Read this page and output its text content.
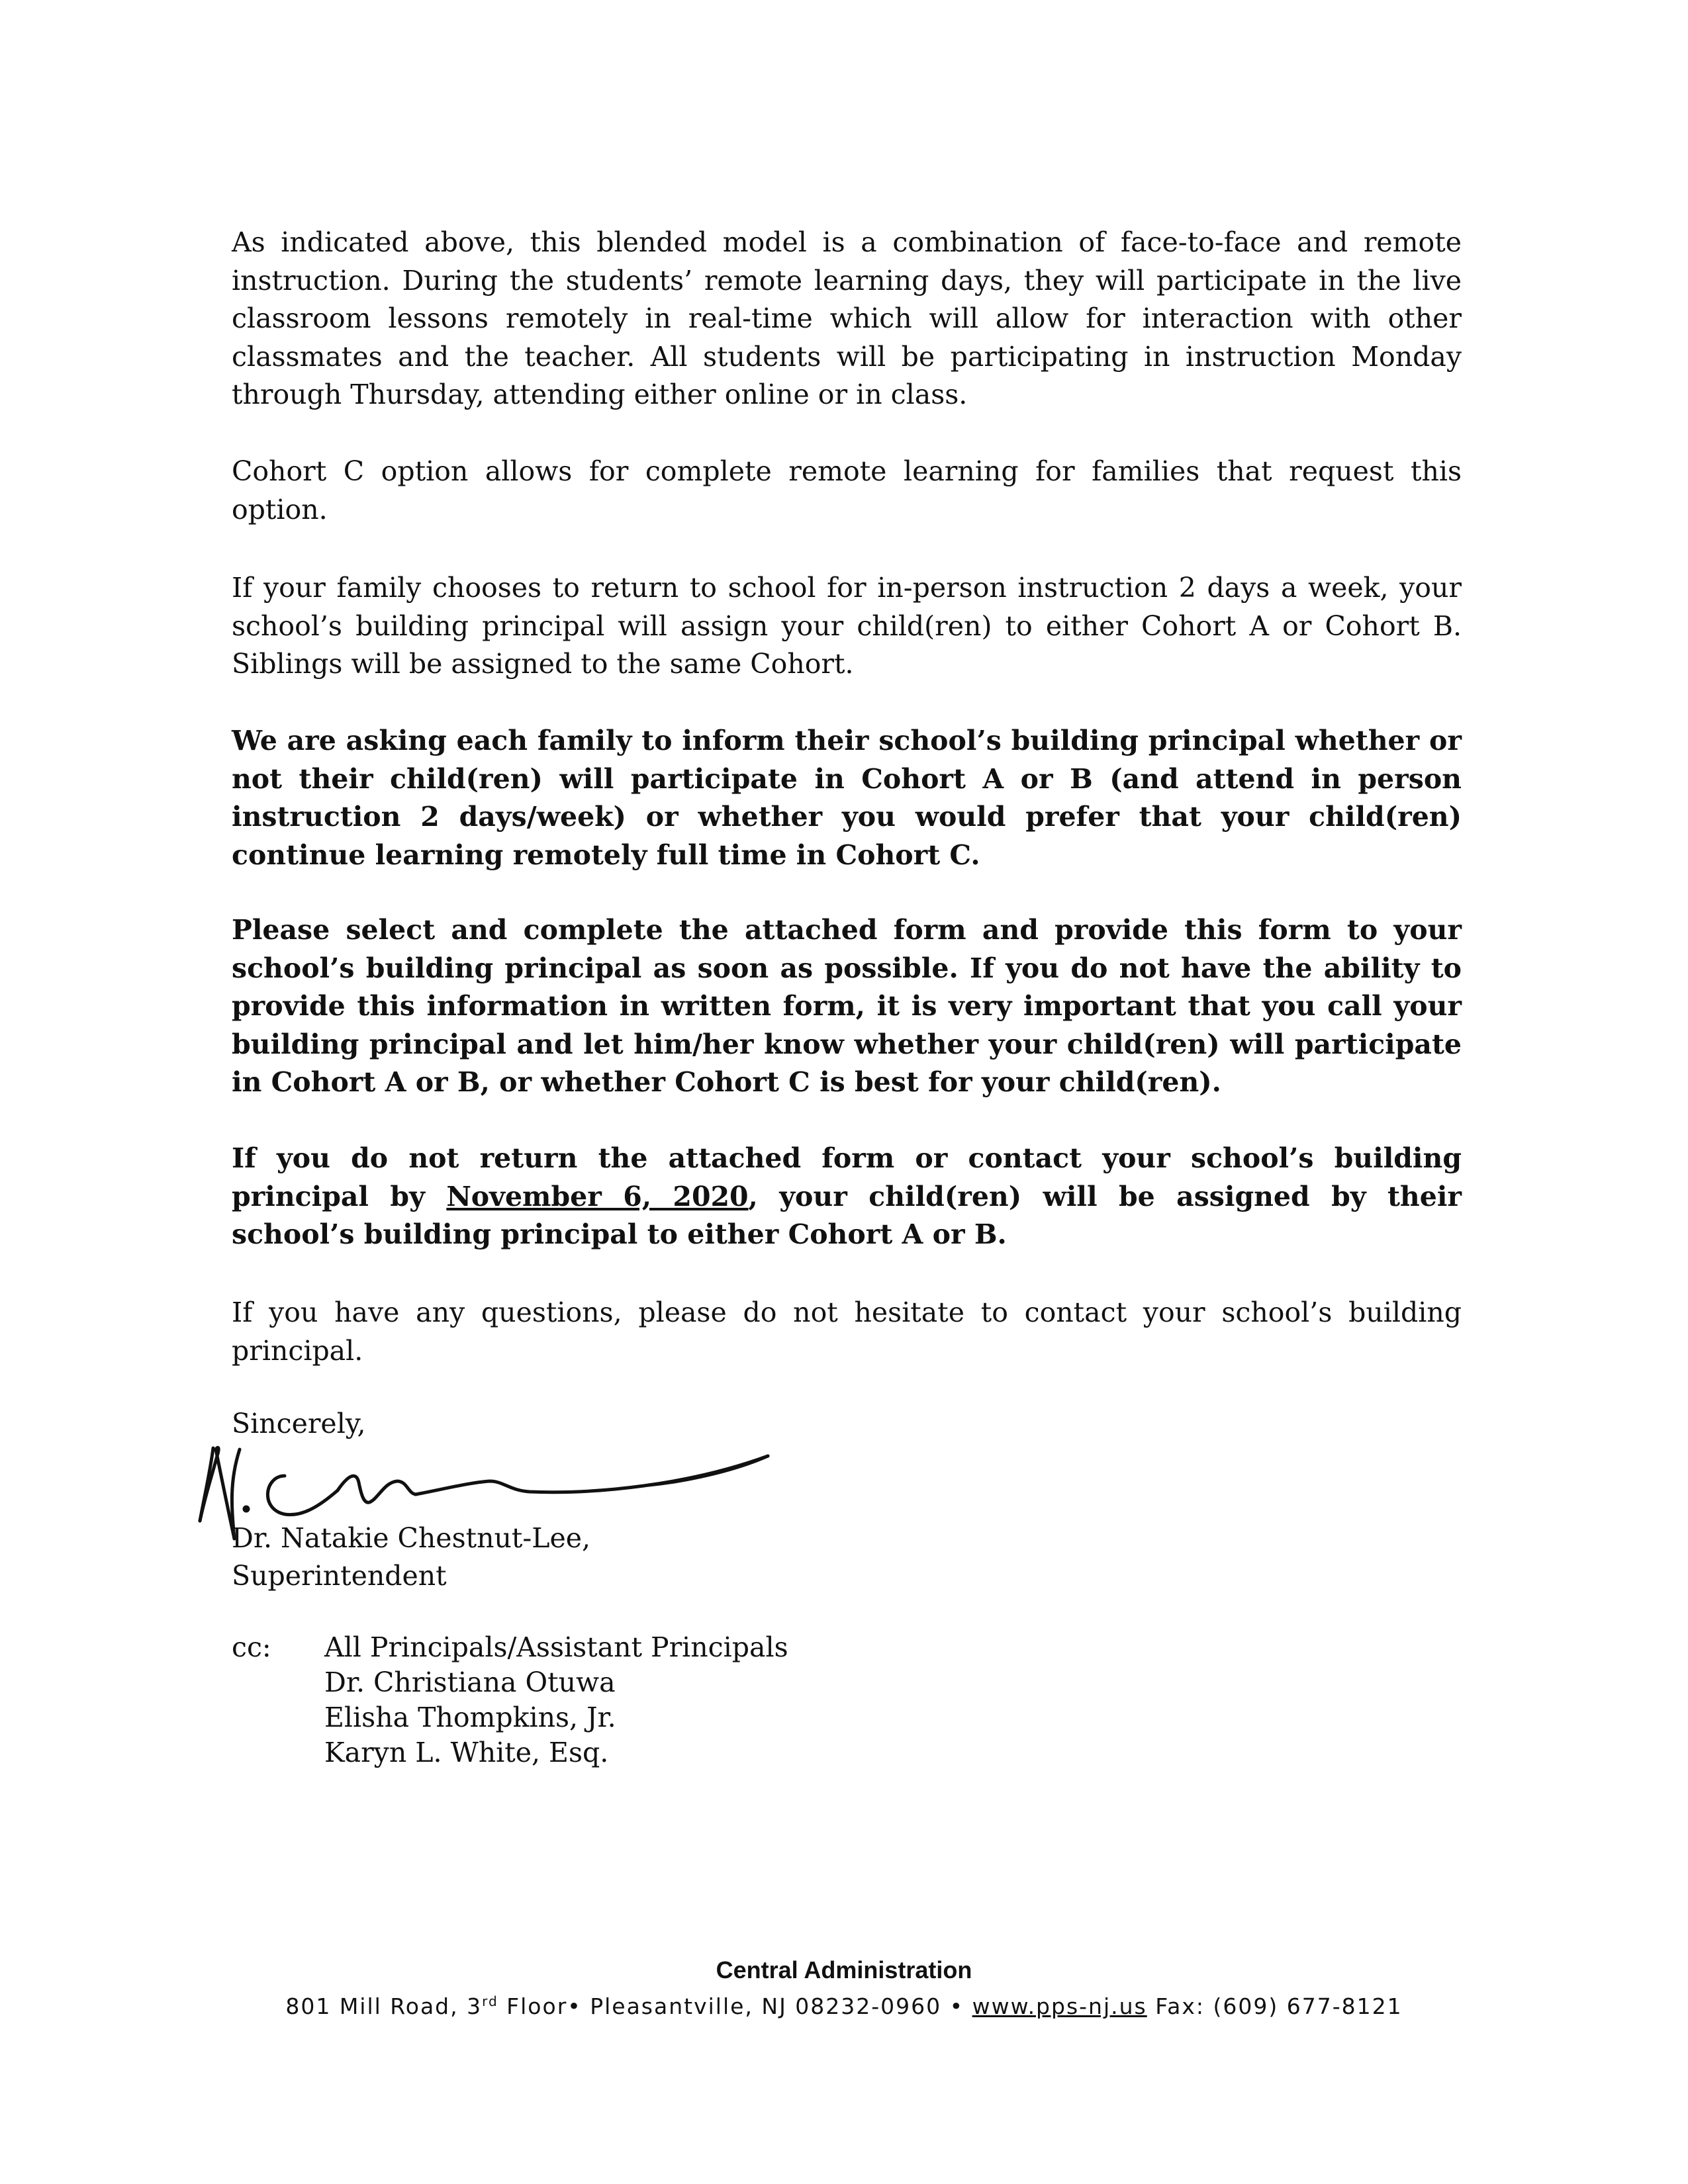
As indicated above, this blended model is a combination of face-to-face and remote instruction. During the students’ remote learning days, they will participate in the live classroom lessons remotely in real-time which will allow for interaction with other classmates and the teacher. All students will be participating in instruction Monday through Thursday, attending either online or in class.

Cohort C option allows for complete remote learning for families that request this option.

If your family chooses to return to school for in-person instruction 2 days a week, your school’s building principal will assign your child(ren) to either Cohort A or Cohort B. Siblings will be assigned to the same Cohort.

We are asking each family to inform their school’s building principal whether or not their child(ren) will participate in Cohort A or B (and attend in person instruction 2 days/week) or whether you would prefer that your child(ren) continue learning remotely full time in Cohort C.

Please select and complete the attached form and provide this form to your school’s building principal as soon as possible. If you do not have the ability to provide this information in written form, it is very important that you call your building principal and let him/her know whether your child(ren) will participate in Cohort A or B, or whether Cohort C is best for your child(ren).

If you do not return the attached form or contact your school’s building principal by November 6, 2020, your child(ren) will be assigned by their school’s building principal to either Cohort A or B.

If you have any questions, please do not hesitate to contact your school’s building principal.

Sincerely,
Dr. Natakie Chestnut-Lee,
Superintendent
cc: All Principals/Assistant Principals
Dr. Christiana Otuwa
Elisha Thompkins, Jr.
Karyn L. White, Esq.
Central Administration
801 Mill Road, 3rd Floor• Pleasantville, NJ 08232-0960 • www.pps-nj.us Fax: (609) 677-8121
